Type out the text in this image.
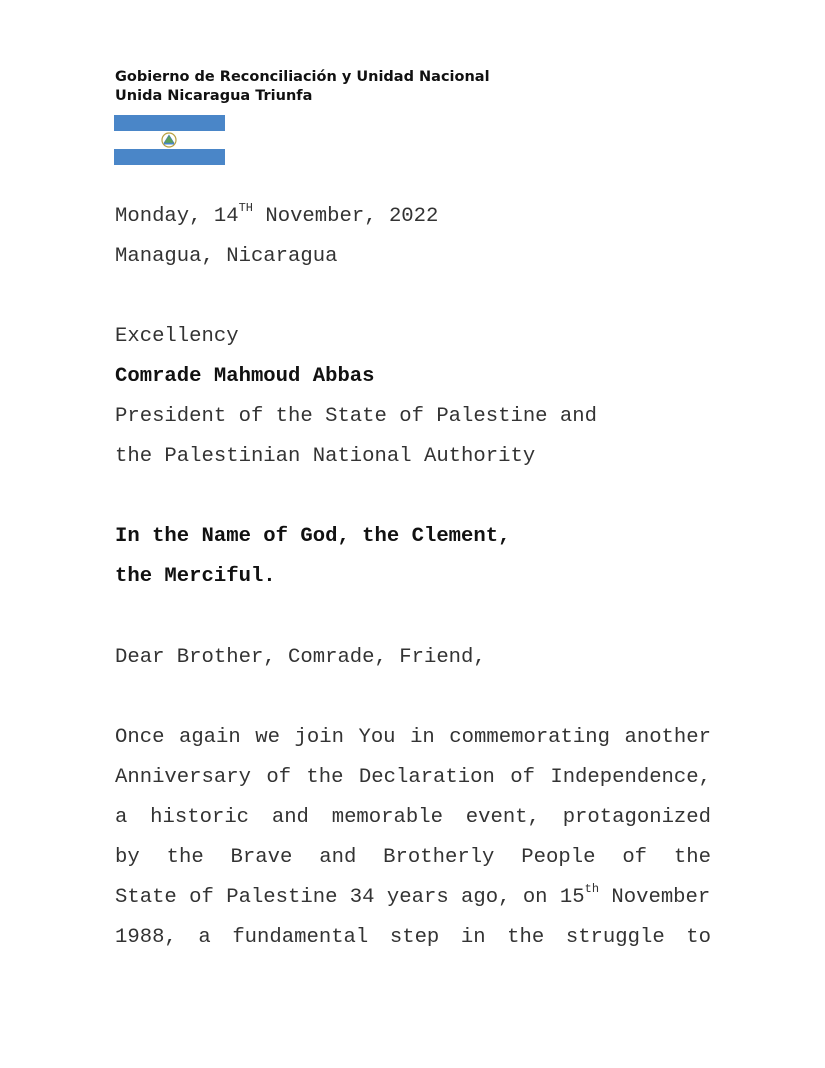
Gobierno de Reconciliación y Unidad Nacional
Unida Nicaragua Triunfa
Monday, 14TH November, 2022
Managua, Nicaragua
Excellency
Comrade Mahmoud Abbas
President of the State of Palestine and
the Palestinian National Authority
In the Name of God, the Clement,
the Merciful.
Dear Brother, Comrade, Friend,
Once again we join You in commemorating another
Anniversary of the Declaration of Independence,
a historic and memorable event, protagonized
by the Brave and Brotherly People of the
State of Palestine 34 years ago, on 15th November
1988, a fundamental step in the struggle to
